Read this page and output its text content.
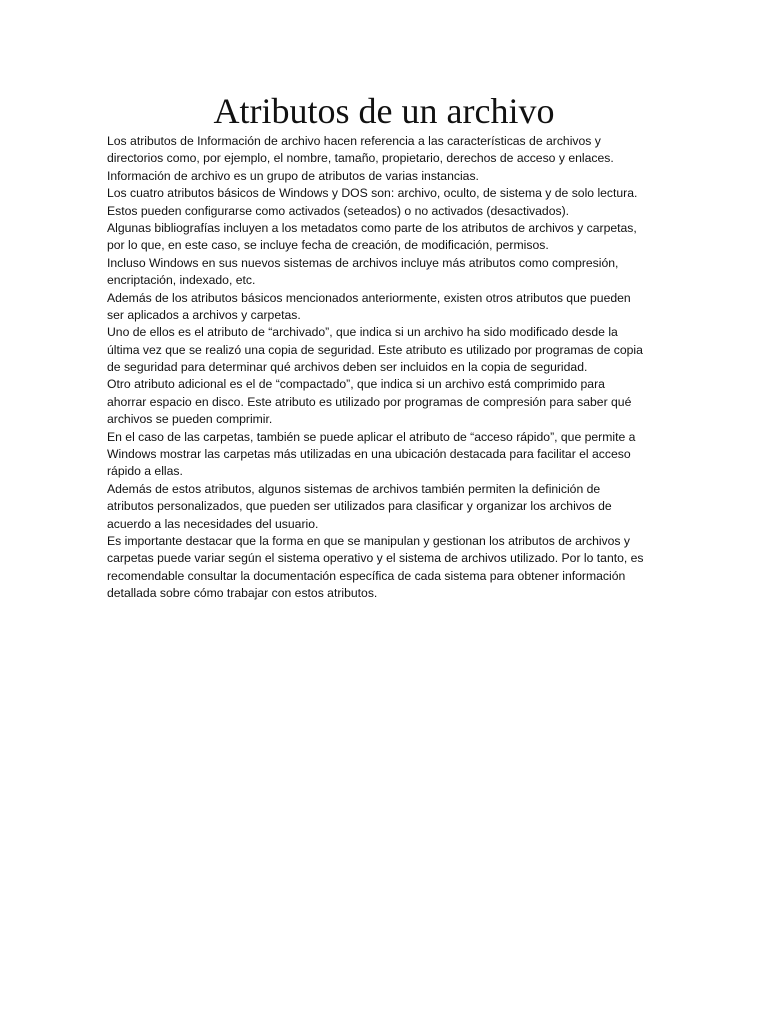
Atributos de un archivo
Los atributos de Información de archivo hacen referencia a las características de archivos y
directorios como, por ejemplo, el nombre, tamaño, propietario, derechos de acceso y enlaces.
Información de archivo es un grupo de atributos de varias instancias.
Los cuatro atributos básicos de Windows y DOS son: archivo, oculto, de sistema y de solo lectura.
Estos pueden configurarse como activados (seteados) o no activados (desactivados).
Algunas bibliografías incluyen a los metadatos como parte de los atributos de archivos y carpetas,
por lo que, en este caso, se incluye fecha de creación, de modificación, permisos.
Incluso Windows en sus nuevos sistemas de archivos incluye más atributos como compresión,
encriptación, indexado, etc.
Además de los atributos básicos mencionados anteriormente, existen otros atributos que pueden
ser aplicados a archivos y carpetas.
Uno de ellos es el atributo de “archivado”, que indica si un archivo ha sido modificado desde la
última vez que se realizó una copia de seguridad. Este atributo es utilizado por programas de copia
de seguridad para determinar qué archivos deben ser incluidos en la copia de seguridad.
Otro atributo adicional es el de “compactado”, que indica si un archivo está comprimido para
ahorrar espacio en disco. Este atributo es utilizado por programas de compresión para saber qué
archivos se pueden comprimir.
En el caso de las carpetas, también se puede aplicar el atributo de “acceso rápido”, que permite a
Windows mostrar las carpetas más utilizadas en una ubicación destacada para facilitar el acceso
rápido a ellas.
Además de estos atributos, algunos sistemas de archivos también permiten la definición de
atributos personalizados, que pueden ser utilizados para clasificar y organizar los archivos de
acuerdo a las necesidades del usuario.
Es importante destacar que la forma en que se manipulan y gestionan los atributos de archivos y
carpetas puede variar según el sistema operativo y el sistema de archivos utilizado. Por lo tanto, es
recomendable consultar la documentación específica de cada sistema para obtener información
detallada sobre cómo trabajar con estos atributos.
